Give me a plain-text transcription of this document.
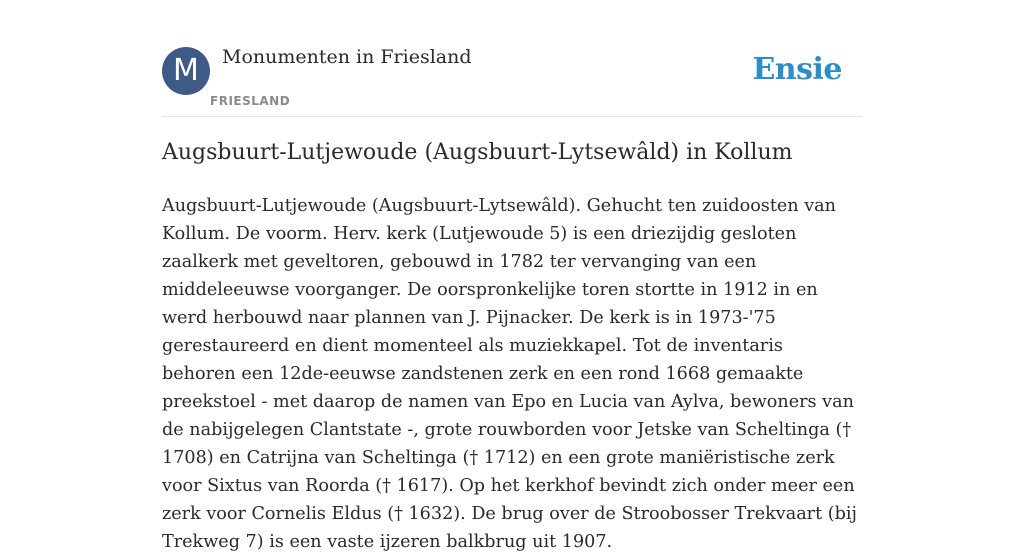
M	Monumenten in Friesland
FRIESLAND
Ensie
Augsbuurt-Lutjewoude (Augsbuurt-Lytsewâld) in Kollum

Augsbuurt-Lutjewoude (Augsbuurt-Lytsewâld). Gehucht ten zuidoosten van Kollum. De voorm. Herv. kerk (Lutjewoude 5) is een driezijdig gesloten zaalkerk met geveltoren, gebouwd in 1782 ter vervanging van een middeleeuwse voorganger. De oorspronkelijke toren stortte in 1912 in en werd herbouwd naar plannen van J. Pijnacker. De kerk is in 1973-'75 gerestaureerd en dient momenteel als muziekkapel. Tot de inventaris behoren een 12de-eeuwse zandstenen zerk en een rond 1668 gemaakte preekstoel - met daarop de namen van Epo en Lucia van Aylva, bewoners van de nabijgelegen Clantstate -, grote rouwborden voor Jetske van Scheltinga († 1708) en Catrijna van Scheltinga († 1712) en een grote maniëristische zerk voor Sixtus van Roorda († 1617). Op het kerkhof bevindt zich onder meer een zerk voor Cornelis Eldus († 1632). De brug over de Stroobosser Trekvaart (bij Trekweg 7) is een vaste ijzeren balkbrug uit 1907.
